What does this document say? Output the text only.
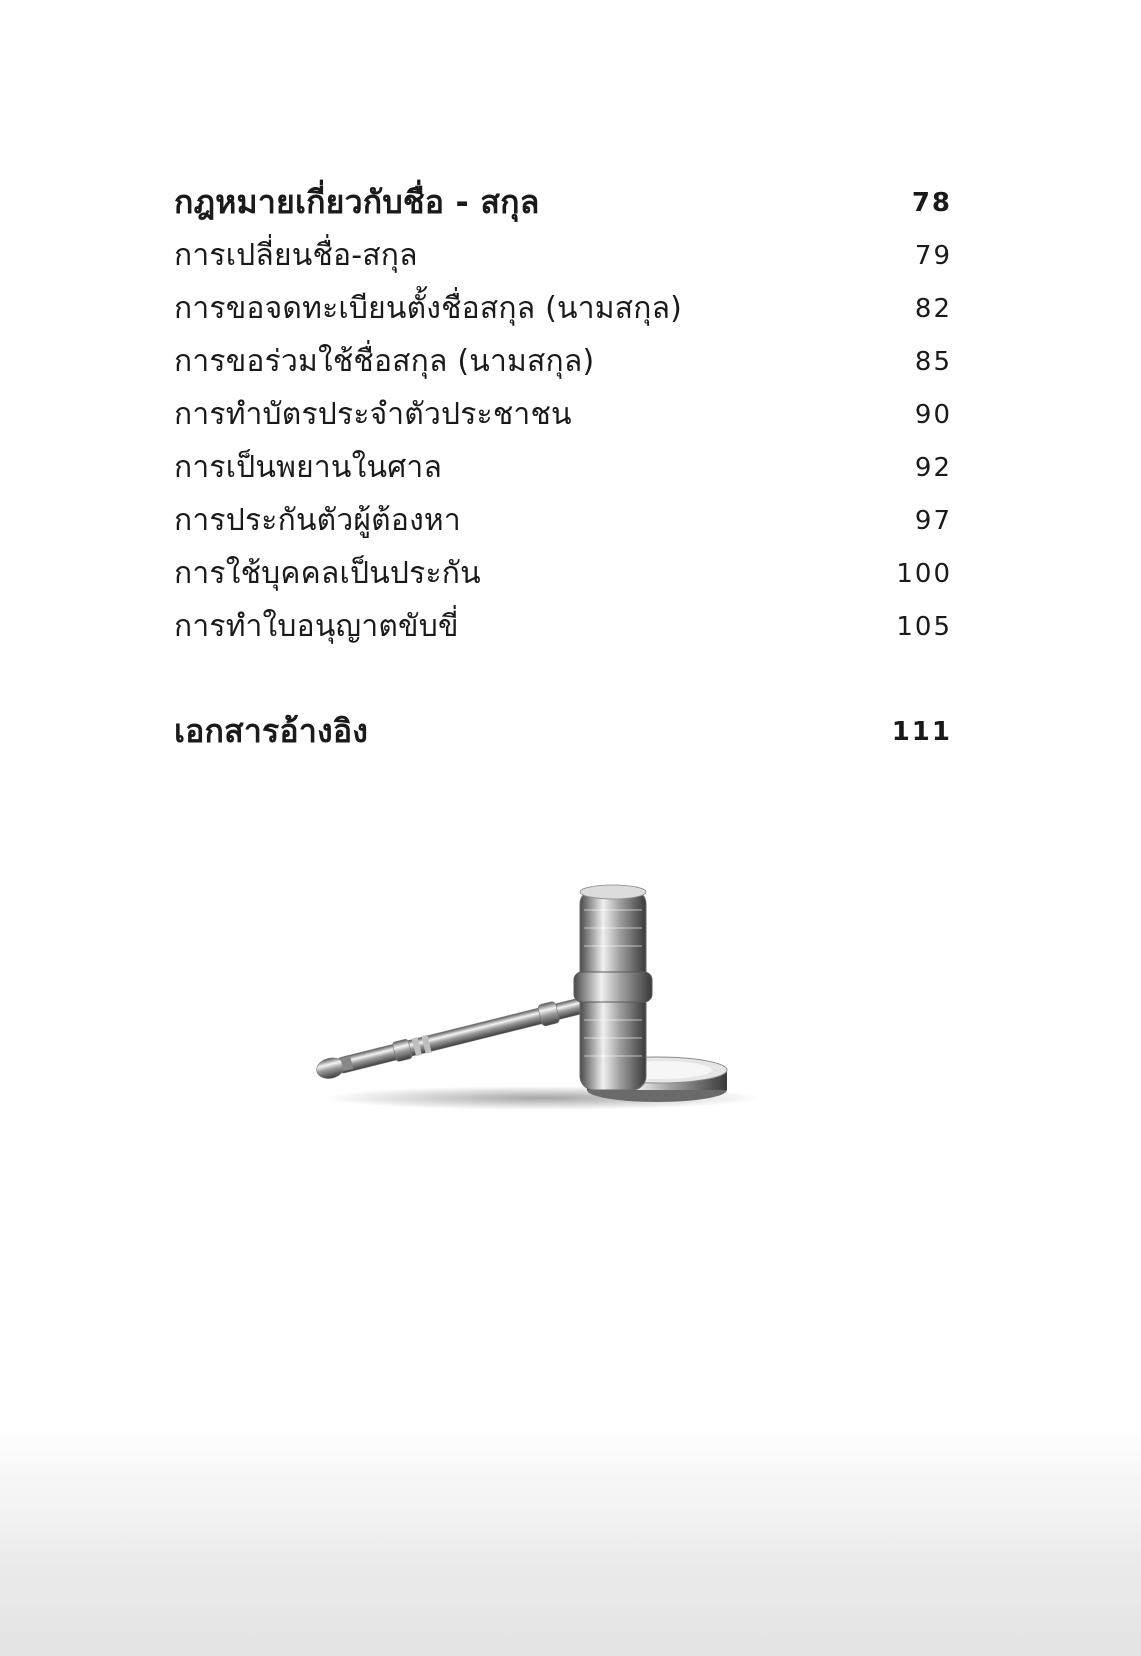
กฎหมายเกี่ยวกับชื่อ - สกุล	78
การเปลี่ยนชื่อ-สกุล	79
การขอจดทะเบียนตั้งชื่อสกุล (นามสกุล)	82
การขอร่วมใช้ชื่อสกุล (นามสกุล)	85
การทำบัตรประจำตัวประชาชน	90
การเป็นพยานในศาล	92
การประกันตัวผู้ต้องหา	97
การใช้บุคคลเป็นประกัน	100
การทำใบอนุญาตขับขี่	105
เอกสารอ้างอิง	111
